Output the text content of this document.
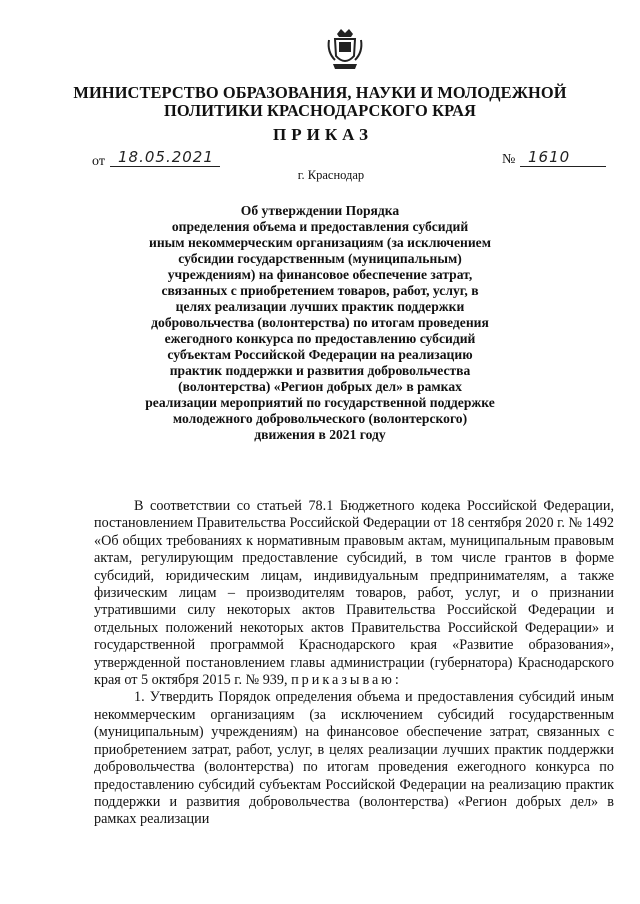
МИНИСТЕРСТВО ОБРАЗОВАНИЯ, НАУКИ И МОЛОДЕЖНОЙ
ПОЛИТИКИ КРАСНОДАРСКОГО КРАЯ
ПРИКАЗ
от 18.05.2021	№ 1610
г. Краснодар
Об утверждении Порядка
определения объема и предоставления субсидий
иным некоммерческим организациям (за исключением
субсидии государственным (муниципальным)
учреждениям) на финансовое обеспечение затрат,
связанных с приобретением товаров, работ, услуг, в
целях реализации лучших практик поддержки
добровольчества (волонтерства) по итогам проведения
ежегодного конкурса по предоставлению субсидий
субъектам Российской Федерации на реализацию
практик поддержки и развития добровольчества
(волонтерства) «Регион добрых дел» в рамках
реализации мероприятий по государственной поддержке
молодежного добровольческого (волонтерского)
движения в 2021 году

В соответствии со статьей 78.1 Бюджетного кодека Российской Федерации, постановлением Правительства Российской Федерации от 18 сентября 2020 г. № 1492 «Об общих требованиях к нормативным правовым актам, муниципальным правовым актам, регулирующим предоставление субсидий, в том числе грантов в форме субсидий, юридическим лицам, индивидуальным предпринимателям, а также физическим лицам – производителям товаров, работ, услуг, и о признании утратившими силу некоторых актов Правительства Российской Федерации и отдельных положений некоторых актов Правительства Российской Федерации» и государственной программой Краснодарского края «Развитие образования», утвержденной постановлением главы администрации (губернатора) Краснодарского края от 5 октября 2015 г. № 939, приказываю:

1. Утвердить Порядок определения объема и предоставления субсидий иным некоммерческим организациям (за исключением субсидий государственным (муниципальным) учреждениям) на финансовое обеспечение затрат, связанных с приобретением затрат, работ, услуг, в целях реализации лучших практик поддержки добровольчества (волонтерства) по итогам проведения ежегодного конкурса по предоставлению субсидий субъектам Российской Федерации на реализацию практик поддержки и развития добровольчества (волонтерства) «Регион добрых дел» в рамках реализации
